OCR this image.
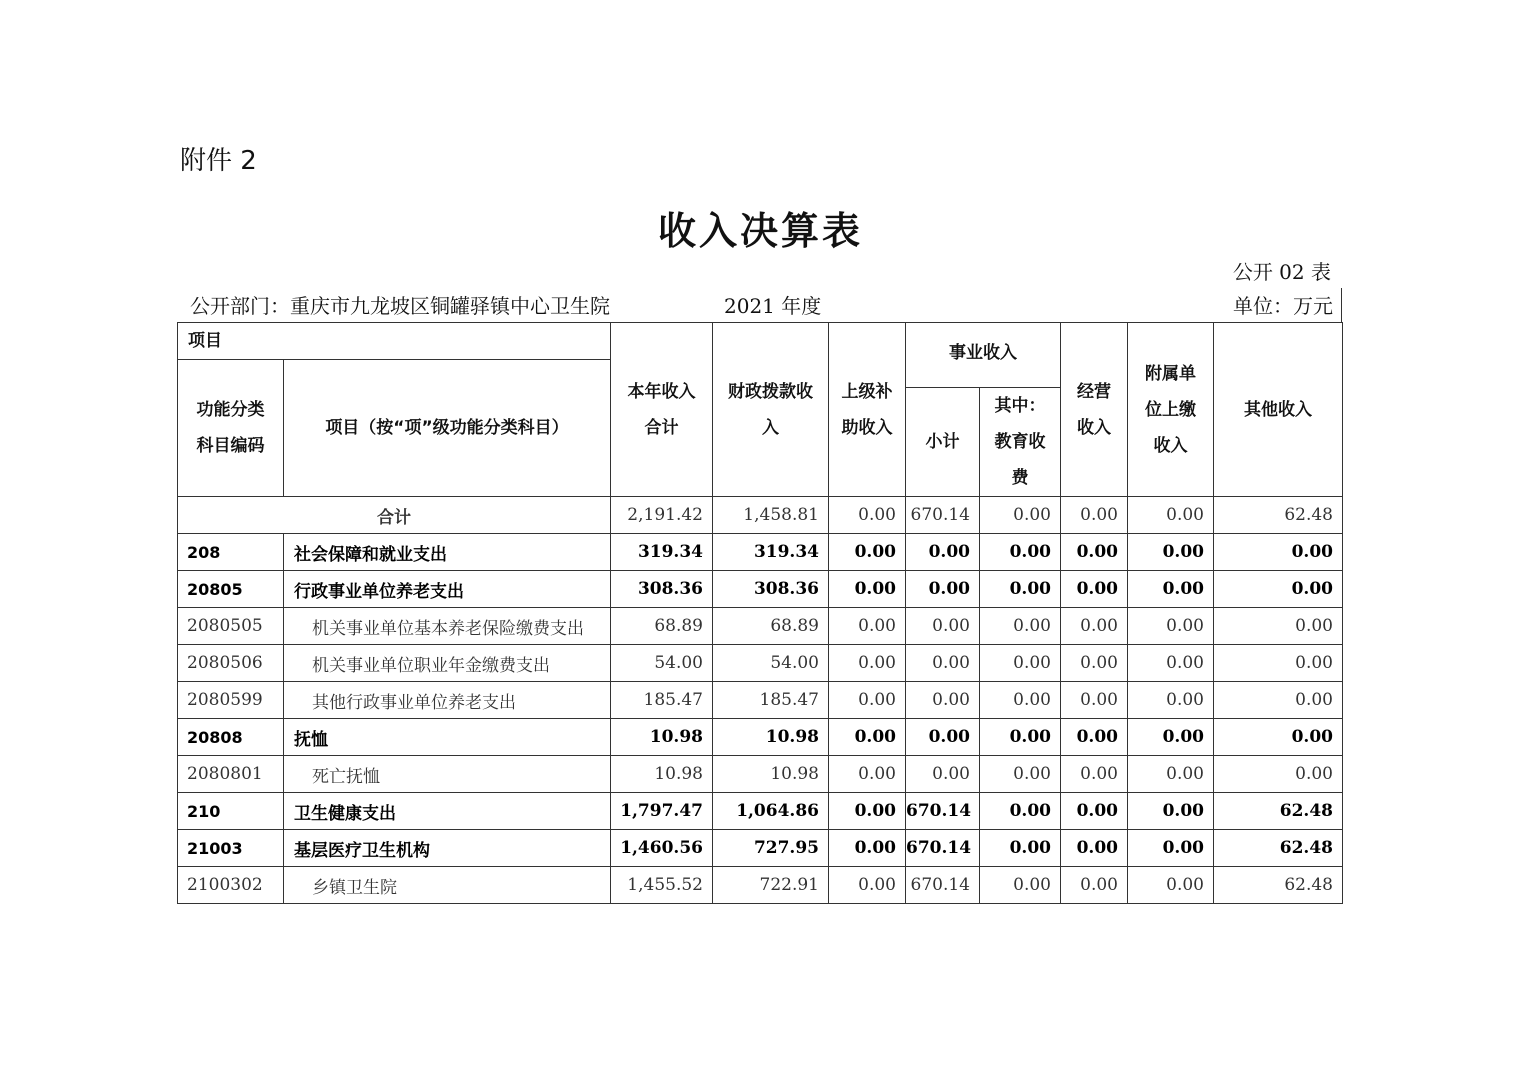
附件 2
收入决算表
公开 02 表
公开部门：重庆市九龙坡区铜罐驿镇中心卫生院	2021 年度	单位：万元
项目		本年收入合计	财政拨款收入	上级补助收入	事业收入		经营收入	附属单位上缴收入	其他收入
功能分类科目编码	项目（按“项”级功能分类科目）								
					小计	其中：教育收费			
合计		2,191.42	1,458.81	0.00	670.14	0.00	0.00	0.00	62.48
208	社会保障和就业支出	319.34	319.34	0.00	0.00	0.00	0.00	0.00	0.00
20805	行政事业单位养老支出	308.36	308.36	0.00	0.00	0.00	0.00	0.00	0.00
2080505	机关事业单位基本养老保险缴费支出	68.89	68.89	0.00	0.00	0.00	0.00	0.00	0.00
2080506	机关事业单位职业年金缴费支出	54.00	54.00	0.00	0.00	0.00	0.00	0.00	0.00
2080599	其他行政事业单位养老支出	185.47	185.47	0.00	0.00	0.00	0.00	0.00	0.00
20808	抚恤	10.98	10.98	0.00	0.00	0.00	0.00	0.00	0.00
2080801	死亡抚恤	10.98	10.98	0.00	0.00	0.00	0.00	0.00	0.00
210	卫生健康支出	1,797.47	1,064.86	0.00	670.14	0.00	0.00	0.00	62.48
21003	基层医疗卫生机构	1,460.56	727.95	0.00	670.14	0.00	0.00	0.00	62.48
2100302	乡镇卫生院	1,455.52	722.91	0.00	670.14	0.00	0.00	0.00	62.48
